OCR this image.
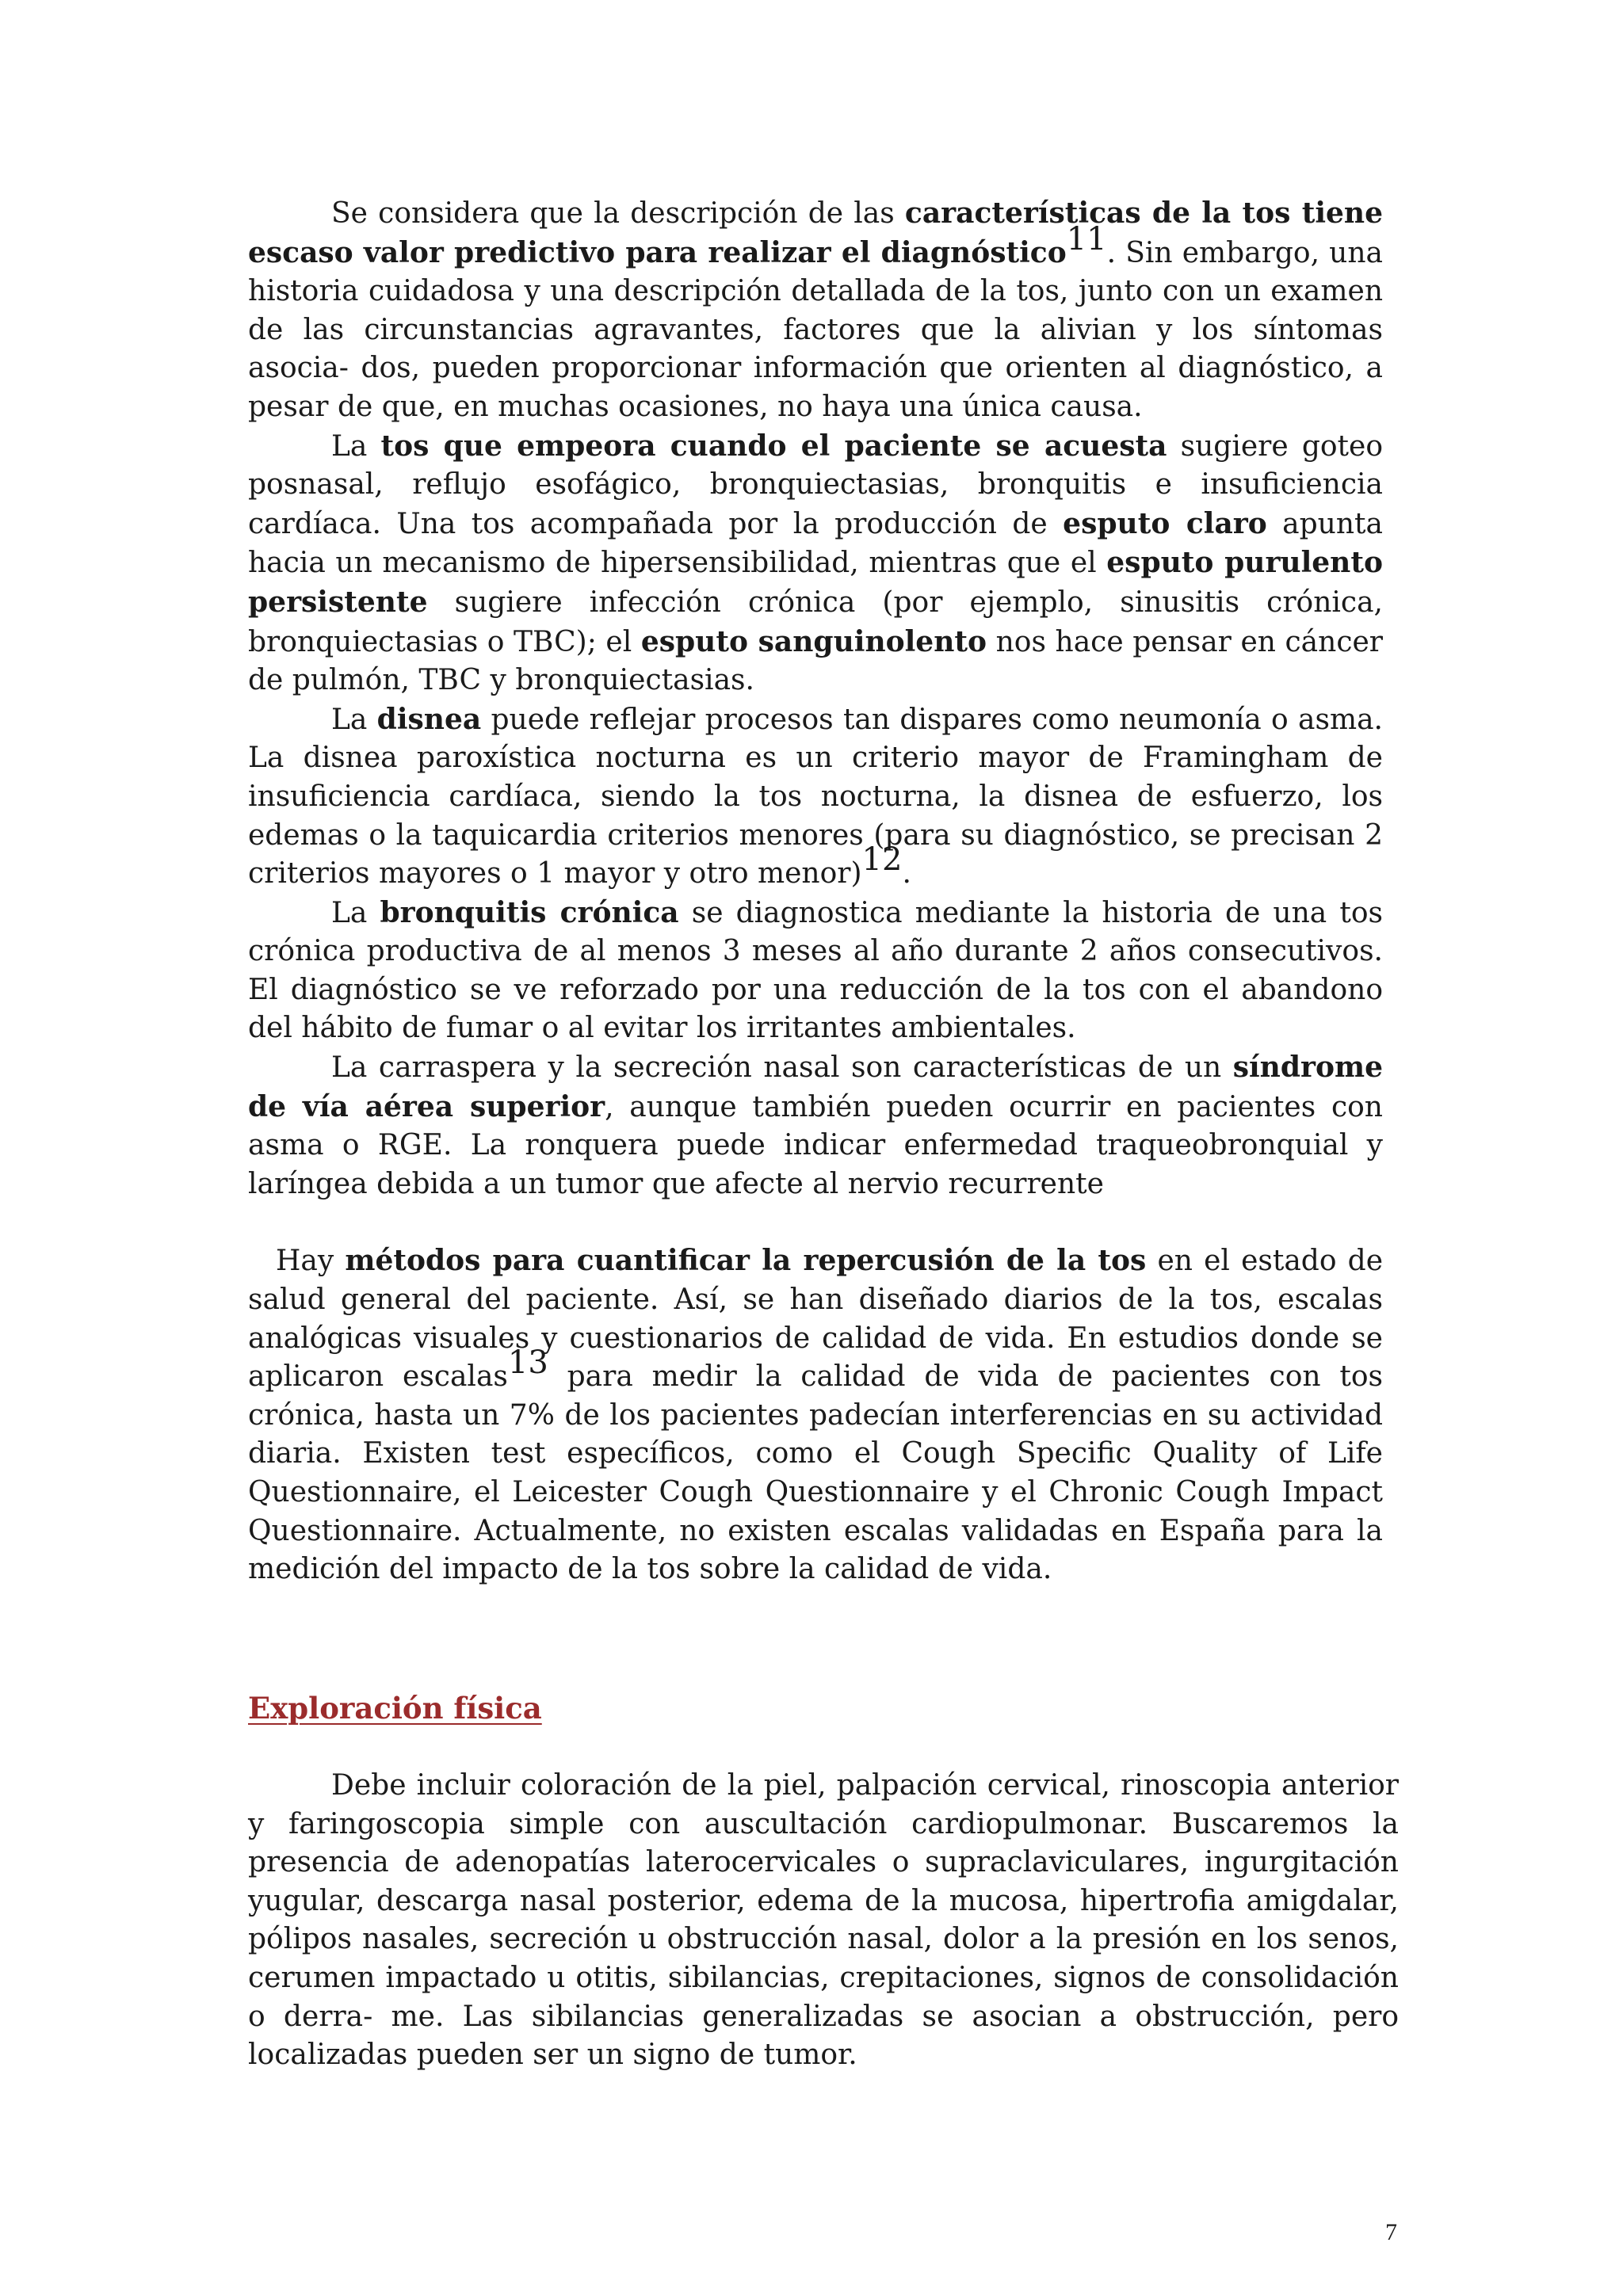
Se considera que la descripción de las características de la tos tiene escaso valor predictivo para realizar el diagnóstico$^{11}$. Sin embargo, una historia cuidadosa y una descripción detallada de la tos, junto con un examen de las circunstancias agravantes, factores que la alivian y los síntomas asocia- dos, pueden proporcionar información que orienten al diagnóstico, a pesar de que, en muchas ocasiones, no haya una única causa.

La tos que empeora cuando el paciente se acuesta sugiere goteo posnasal, reflujo esofágico, bronquiectasias, bronquitis e insuficiencia cardíaca. Una tos acompañada por la producción de esputo claro apunta hacia un mecanismo de hipersensibilidad, mientras que el esputo purulento persistente sugiere infección crónica (por ejemplo, sinusitis crónica, bronquiectasias o TBC); el esputo sanguinolento nos hace pensar en cáncer de pulmón, TBC y bronquiectasias.

La disnea puede reflejar procesos tan dispares como neumonía o asma. La disnea paroxística nocturna es un criterio mayor de Framingham de insuficiencia cardíaca, siendo la tos nocturna, la disnea de esfuerzo, los edemas o la taquicardia criterios menores (para su diagnóstico, se precisan 2 criterios mayores o 1 mayor y otro menor)$^{12}$.

La bronquitis crónica se diagnostica mediante la historia de una tos crónica productiva de al menos 3 meses al año durante 2 años consecutivos. El diagnóstico se ve reforzado por una reducción de la tos con el abandono del hábito de fumar o al evitar los irritantes ambientales.

La carraspera y la secreción nasal son características de un síndrome de vía aérea superior, aunque también pueden ocurrir en pacientes con asma o RGE. La ronquera puede indicar enfermedad traqueobronquial y laríngea debida a un tumor que afecte al nervio recurrente

Hay métodos para cuantificar la repercusión de la tos en el estado de salud general del paciente. Así, se han diseñado diarios de la tos, escalas analógicas visuales y cuestionarios de calidad de vida. En estudios donde se aplicaron escalas$^{13}$ para medir la calidad de vida de pacientes con tos crónica, hasta un 7% de los pacientes padecían interferencias en su actividad diaria. Existen test específicos, como el Cough Specific Quality of Life Questionnaire, el Leicester Cough Questionnaire y el Chronic Cough Impact Questionnaire. Actualmente, no existen escalas validadas en España para la medición del impacto de la tos sobre la calidad de vida.

Exploración física

Debe incluir coloración de la piel, palpación cervical, rinoscopia anterior y faringoscopia simple con auscultación cardiopulmonar. Buscaremos la presencia de adenopatías laterocervicales o supraclaviculares, ingurgitación yugular, descarga nasal posterior, edema de la mucosa, hipertrofia amigdalar, pólipos nasales, secreción u obstrucción nasal, dolor a la presión en los senos, cerumen impactado u otitis, sibilancias, crepitaciones, signos de consolidación o derra- me. Las sibilancias generalizadas se asocian a obstrucción, pero localizadas pueden ser un signo de tumor.

7
